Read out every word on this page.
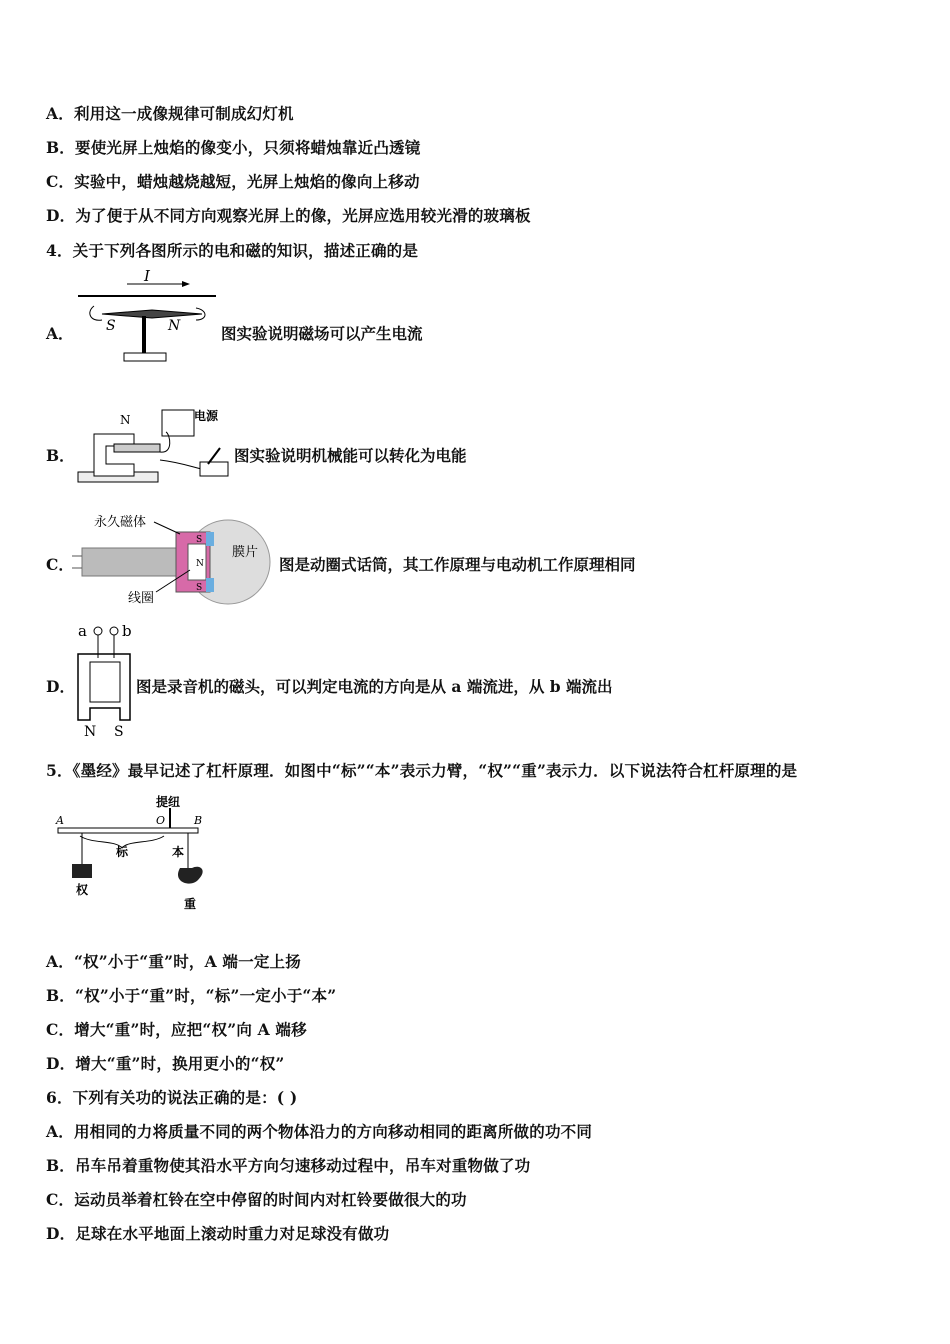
A．利用这一成像规律可制成幻灯机
B．要使光屏上烛焰的像变小，只须将蜡烛靠近凸透镜
C．实验中，蜡烛越烧越短，光屏上烛焰的像向上移动
D．为了便于从不同方向观察光屏上的像，光屏应选用较光滑的玻璃板
4．关于下列各图所示的电和磁的知识，描述正确的是
A．
I
S	N	图实验说明磁场可以产生电流
B．
N	电源
图实验说明机械能可以转化为电能
C．
S
N
S
永久磁体
膜片
线圈
图是动圈式话筒，其工作原理与电动机工作原理相同
D．
a b
N S
图是录音机的磁头，可以判定电流的方向是从 a 端流进，从 b 端流出
5．《墨经》最早记述了杠杆原理．如图中“标”“本”表示力臂，“权”“重”表示力．以下说法符合杠杆原理的是
提纽
A	O	B
标
权
本
重
A．“权”小于“重”时，A 端一定上扬
B．“权”小于“重”时，“标”一定小于“本”
C．增大“重”时，应把“权”向 A 端移
D．增大“重”时，换用更小的“权”
6．下列有关功的说法正确的是：( )
A．用相同的力将质量不同的两个物体沿力的方向移动相同的距离所做的功不同
B．吊车吊着重物使其沿水平方向匀速移动过程中，吊车对重物做了功
C．运动员举着杠铃在空中停留的时间内对杠铃要做很大的功
D．足球在水平地面上滚动时重力对足球没有做功
